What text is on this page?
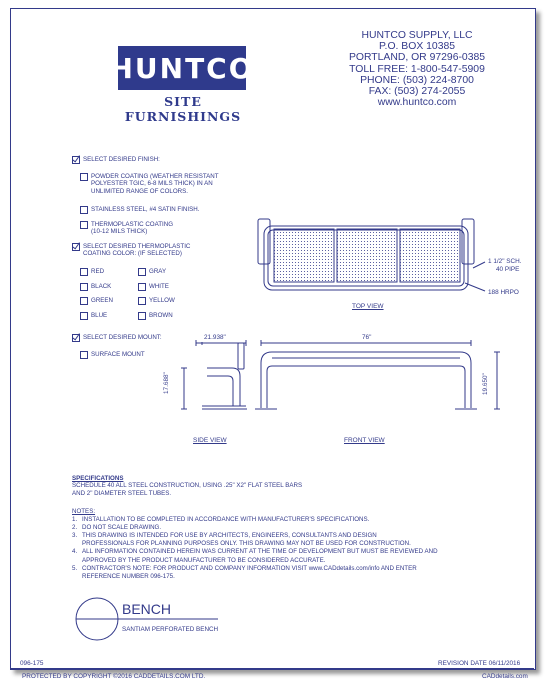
HUNTCO
SITE FURNISHINGS
HUNTCO SUPPLY, LLC
P.O. BOX 10385
PORTLAND, OR 97296-0385
TOLL FREE: 1-800-547-5909
PHONE: (503) 224-8700
FAX: (503) 274-2055
www.huntco.com
SELECT DESIRED FINISH:
POWDER COATING (WEATHER RESISTANT
POLYESTER TGIC, 6-8 MILS THICK) IN AN
UNLIMITED RANGE OF COLORS.
STAINLESS STEEL, #4 SATIN FINISH.
THERMOPLASTIC COATING
(10-12 MILS THICK)
SELECT DESIRED THERMOPLASTIC
COATING COLOR: (IF SELECTED)
RED	GRAY
BLACK	WHITE
GREEN	YELLOW
BLUE	BROWN
SELECT DESIRED MOUNT:
SURFACE MOUNT
1 1/2" SCH.
40 PIPE
188 HRPO
TOP VIEW
21.938"
17.688"
76"
19.650"
SIDE VIEW	FRONT VIEW
SPECIFICATIONS
SCHEDULE 40 ALL STEEL CONSTRUCTION, USING .25" X2" FLAT STEEL BARS
AND 2" DIAMETER STEEL TUBES.
NOTES:
1. INSTALLATION TO BE COMPLETED IN ACCORDANCE WITH MANUFACTURER'S SPECIFICATIONS.
2. DO NOT SCALE DRAWING.
3. THIS DRAWING IS INTENDED FOR USE BY ARCHITECTS, ENGINEERS, CONSULTANTS AND DESIGN
PROFESSIONALS FOR PLANNING PURPOSES ONLY. THIS DRAWING MAY NOT BE USED FOR CONSTRUCTION.
4. ALL INFORMATION CONTAINED HEREIN WAS CURRENT AT THE TIME OF DEVELOPMENT BUT MUST BE REVIEWED AND
APPROVED BY THE PRODUCT MANUFACTURER TO BE CONSIDERED ACCURATE.
5. CONTRACTOR'S NOTE: FOR PRODUCT AND COMPANY INFORMATION VISIT www.CADdetails.com/info AND ENTER
REFERENCE NUMBER 096-175.
BENCH
SANTIAM PERFORATED BENCH
096-175	REVISION DATE 06/11/2016
PROTECTED BY COPYRIGHT ©2016 CADDETAILS.COM LTD.	CADdetails.com
